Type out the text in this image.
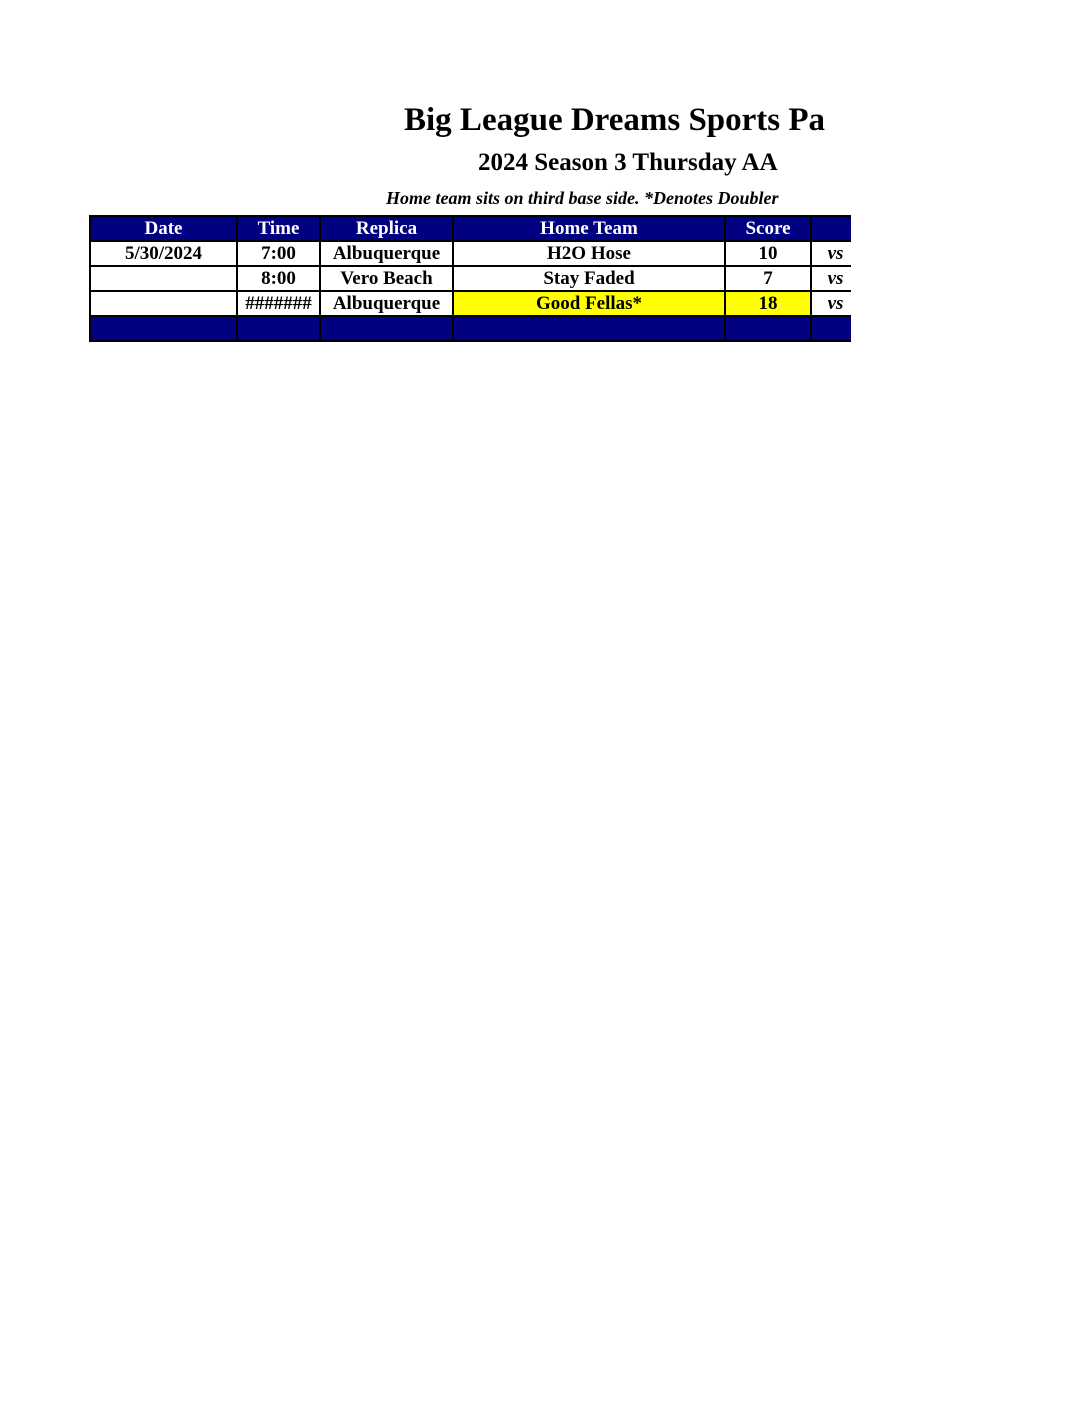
Big League Dreams Sports Pa
2024 Season 3 Thursday AA
Home team sits on third base side. *Denotes Doubler
Date	Time	Replica	Home Team	Score	
5/30/2024	7:00	Albuquerque	H2O Hose	10	vs
	8:00	Vero Beach	Stay Faded	7	vs
	#######	Albuquerque	Good Fellas*	18	vs
